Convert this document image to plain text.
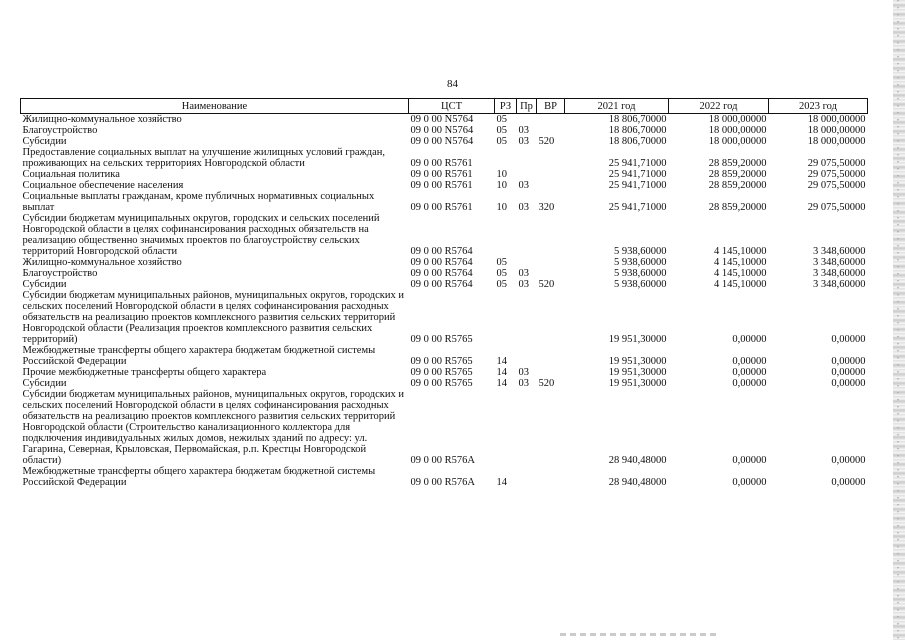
84
Наименование	ЦСТ	РЗ	Пр	ВР	2021 год	2022 год	2023 год
Жилищно-коммунальное хозяйство	09 0 00 N5764	05			18 806,70000	18 000,00000	18 000,00000
Благоустройство	09 0 00 N5764	05	03		18 806,70000	18 000,00000	18 000,00000
Субсидии	09 0 00 N5764	05	03	520	18 806,70000	18 000,00000	18 000,00000
Предоставление социальных выплат на улучшение жилищных условий граждан, проживающих на сельских территориях Новгородской области	09 0 00 R5761				25 941,71000	28 859,20000	29 075,50000
Социальная политика	09 0 00 R5761	10			25 941,71000	28 859,20000	29 075,50000
Социальное обеспечение населения	09 0 00 R5761	10	03		25 941,71000	28 859,20000	29 075,50000
Социальные выплаты гражданам, кроме публичных нормативных социальных выплат	09 0 00 R5761	10	03	320	25 941,71000	28 859,20000	29 075,50000
Субсидии бюджетам муниципальных округов, городских и сельских поселений Новгородской области в целях софинансирования расходных обязательств на реализацию общественно значимых проектов по благоустройству сельских территорий Новгородской области	09 0 00 R5764				5 938,60000	4 145,10000	3 348,60000
Жилищно-коммунальное хозяйство	09 0 00 R5764	05			5 938,60000	4 145,10000	3 348,60000
Благоустройство	09 0 00 R5764	05	03		5 938,60000	4 145,10000	3 348,60000
Субсидии	09 0 00 R5764	05	03	520	5 938,60000	4 145,10000	3 348,60000
Субсидии бюджетам муниципальных районов, муниципальных округов, городских и сельских поселений Новгородской области в целях софинансирования расходных обязательств на реализацию проектов комплексного развития сельских территорий Новгородской области (Реализация проектов комплексного развития сельских территорий)	09 0 00 R5765				19 951,30000	0,00000	0,00000
Межбюджетные трансферты общего характера бюджетам бюджетной системы Российской Федерации	09 0 00 R5765	14			19 951,30000	0,00000	0,00000
Прочие межбюджетные трансферты общего характера	09 0 00 R5765	14	03		19 951,30000	0,00000	0,00000
Субсидии	09 0 00 R5765	14	03	520	19 951,30000	0,00000	0,00000
Субсидии бюджетам муниципальных районов, муниципальных округов, городских и сельских поселений Новгородской области в целях софинансирования расходных обязательств на реализацию проектов комплексного развития сельских территорий Новгородской области (Строительство канализационного коллектора для подключения индивидуальных жилых домов, нежилых зданий по адресу: ул. Гагарина, Северная, Крыловская, Первомайская, р.п. Крестцы Новгородской области)	09 0 00 R576A				28 940,48000	0,00000	0,00000
Межбюджетные трансферты общего характера бюджетам бюджетной системы Российской Федерации	09 0 00 R576A	14			28 940,48000	0,00000	0,00000
